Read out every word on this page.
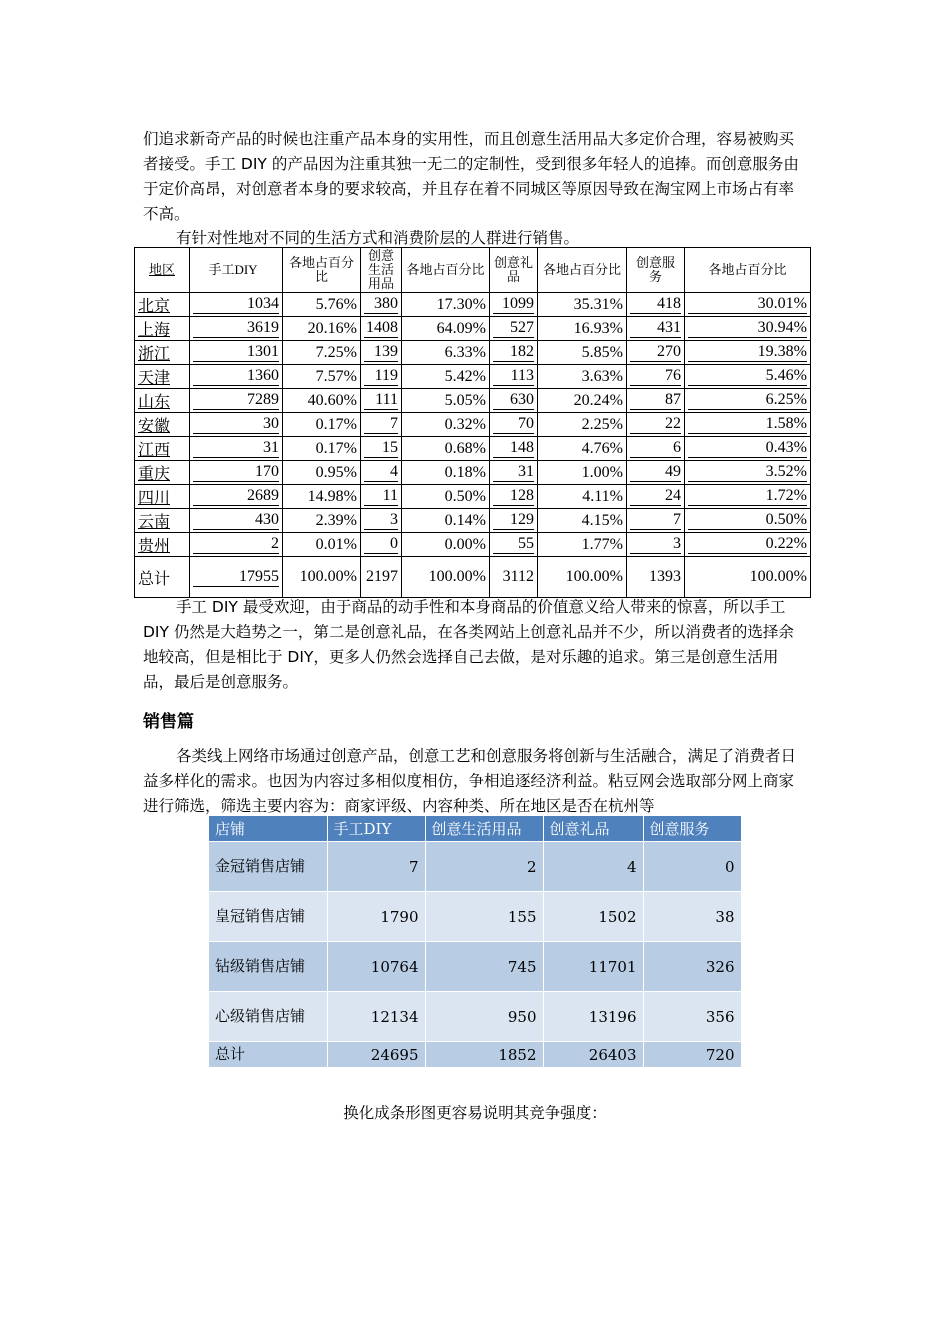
们追求新奇产品的时候也注重产品本身的实用性，而且创意生活用品大多定价合理，容易被购买者接受。手工 DIY 的产品因为注重其独一无二的定制性，受到很多年轻人的追捧。而创意服务由于定价高昂，对创意者本身的要求较高，并且存在着不同城区等原因导致在淘宝网上市场占有率不高。

有针对性地对不同的生活方式和消费阶层的人群进行销售。

地区	手工DIY	各地占百分比	创意生活用品	各地占百分比	创意礼品	各地占百分比	创意服务	各地占百分比
北京	1034	5.76%	380	17.30%	1099	35.31%	418	30.01%

上海	3619	20.16%	1408	64.09%	527	16.93%	431	30.94%

浙江	1301	7.25%	139	6.33%	182	5.85%	270	19.38%

天津	1360	7.57%	119	5.42%	113	3.63%	76	5.46%

山东	7289	40.60%	111	5.05%	630	20.24%	87	6.25%

安徽	30	0.17%	7	0.32%	70	2.25%	22	1.58%

江西	31	0.17%	15	0.68%	148	4.76%	6	0.43%

重庆	170	0.95%	4	0.18%	31	1.00%	49	3.52%

四川	2689	14.98%	11	0.50%	128	4.11%	24	1.72%

云南	430	2.39%	3	0.14%	129	4.15%	7	0.50%

贵州	2	0.01%	0	0.00%	55	1.77%	3	0.22%

总计	17955	100.00%	2197	100.00%	3112	100.00%	1393	100.00%

手工 DIY 最受欢迎，由于商品的动手性和本身商品的价值意义给人带来的惊喜，所以手工 DIY 仍然是大趋势之一，第二是创意礼品，在各类网站上创意礼品并不少，所以消费者的选择余地较高，但是相比于 DIY，更多人仍然会选择自己去做，是对乐趣的追求。第三是创意生活用品，最后是创意服务。

销售篇

各类线上网络市场通过创意产品，创意工艺和创意服务将创新与生活融合，满足了消费者日益多样化的需求。也因为内容过多相似度相仿，争相追逐经济利益。粘豆网会选取部分网上商家进行筛选，筛选主要内容为：商家评级、内容种类、所在地区是否在杭州等

店铺	手工DIY	创意生活用品	创意礼品	创意服务
金冠销售店铺	7	2	4	0
皇冠销售店铺	1790	155	1502	38
钻级销售店铺	10764	745	11701	326
心级销售店铺	12134	950	13196	356
总计	24695	1852	26403	720
换化成条形图更容易说明其竞争强度：
